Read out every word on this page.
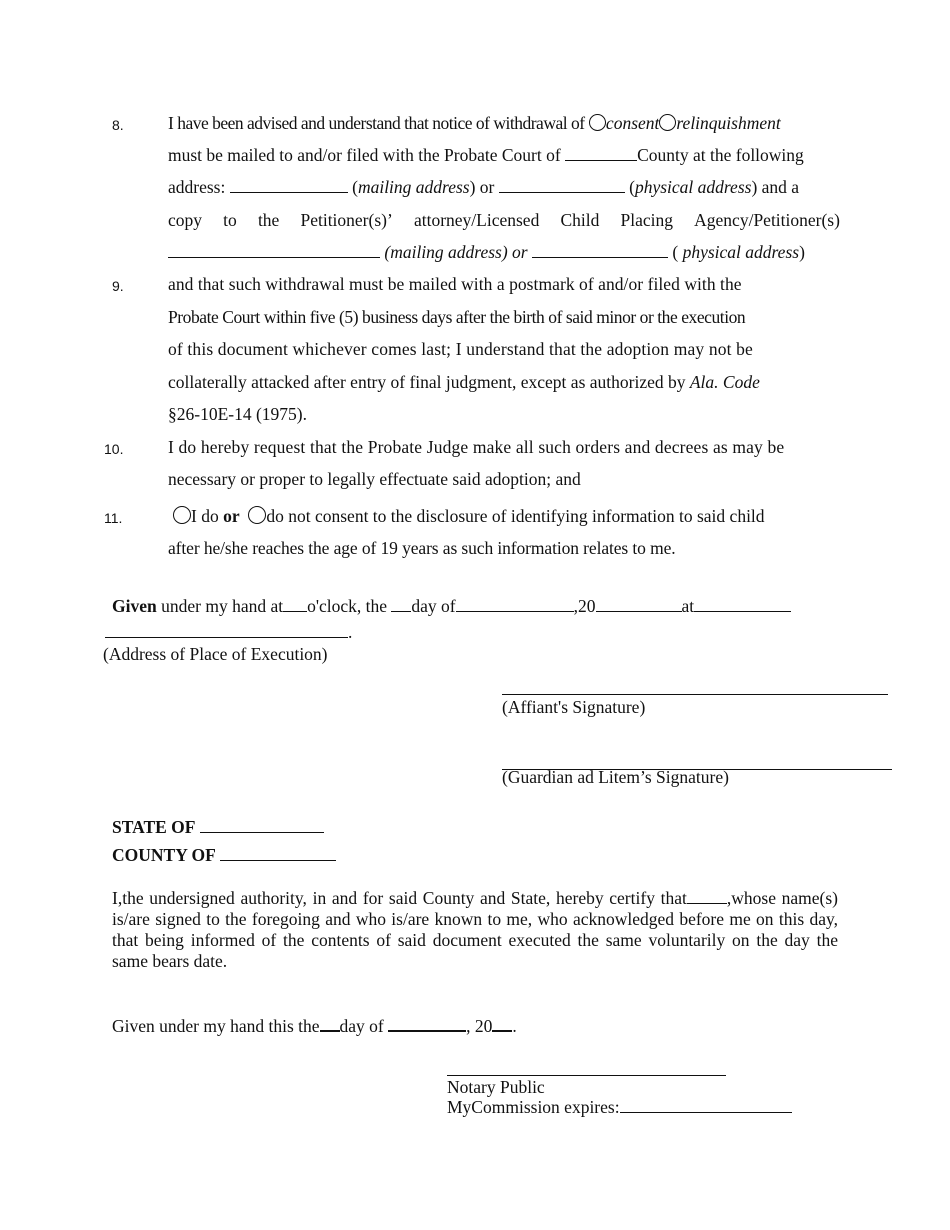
8.	I have been advised and understand that notice of withdrawal of consent relinquishment
must be mailed to and/or filed with the Probate Court of	County at the following
address:	(mailing address) or	(physical address) and a
copy to the Petitioner(s)’ attorney/Licensed Child Placing Agency/Petitioner(s)
(mailing address) or	( physical address)
9.	and that such withdrawal must be mailed with a postmark of and/or filed with the
Probate Court within five (5) business days after the birth of said minor or the execution
of this document whichever comes last; I understand that the adoption may not be
collaterally attacked after entry of final judgment, except as authorized by Ala. Code
§26-10E-14 (1975).
10.	I do hereby request that the Probate Judge make all such orders and decrees as may be
necessary or proper to legally effectuate said adoption; and
11.	I do or do not consent to the disclosure of identifying information to said child
after he/she reaches the age of 19 years as such information relates to me.
Given under my hand at o'clock, the day of	,20	at
.
(Address of Place of Execution)
(Affiant's Signature)
(Guardian ad Litem’s Signature)
STATE OF
COUNTY OF
I,the undersigned authority, in and for said County and State, hereby certify that ,whose name(s) is/are signed to the foregoing and who is/are known to me, who acknowledged before me on this day, that being informed of the contents of said document executed the same voluntarily on the day the same bears date.
Given under my hand this the day of	, 20 .
Notary Public
MyCommission expires:
